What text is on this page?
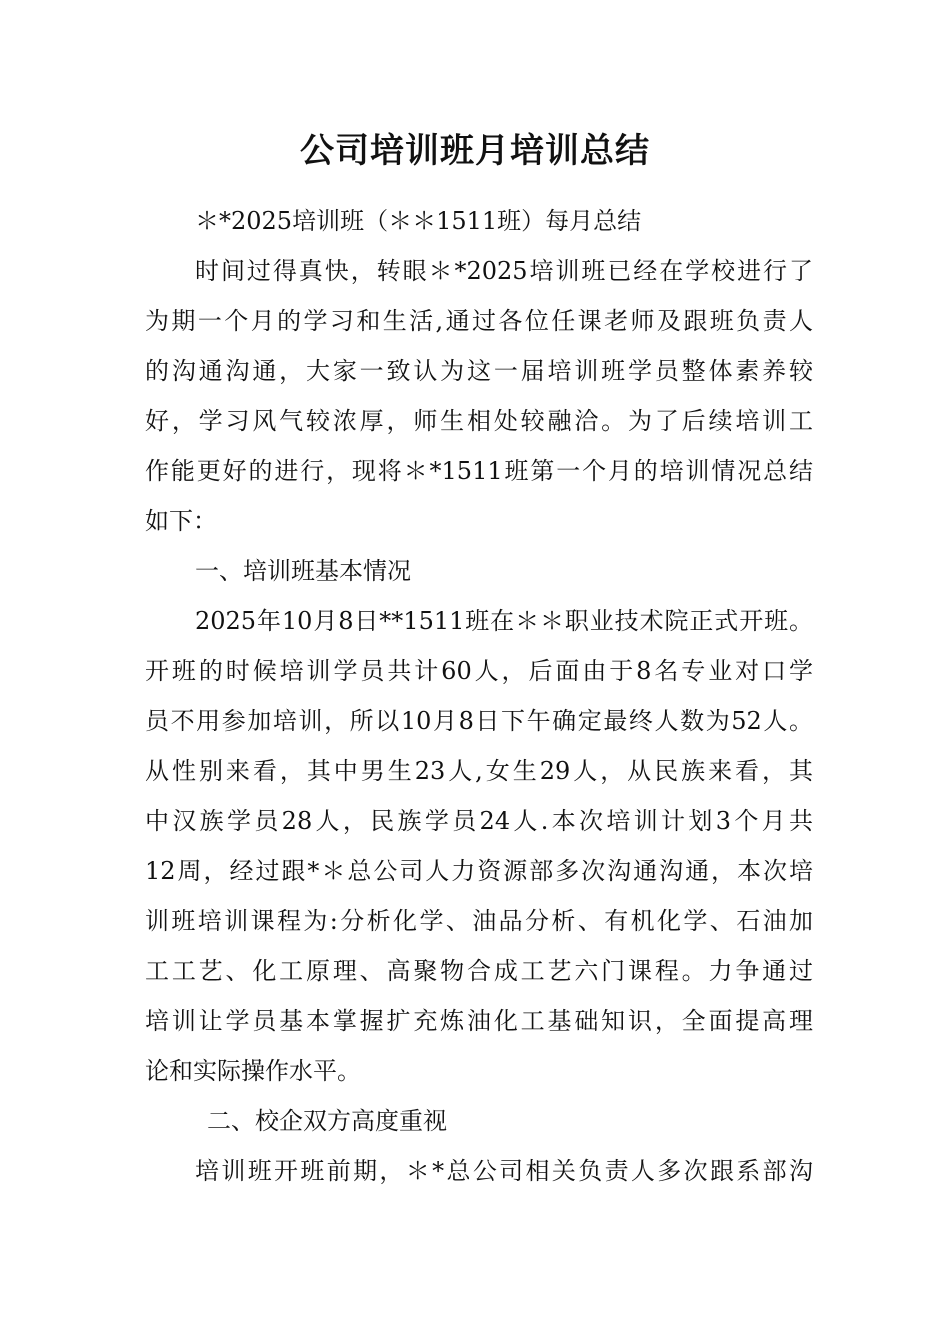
公司培训班月培训总结
＊*2025培训班（＊＊1511班）每月总结
时间过得真快，转眼＊*2025培训班已经在学校进行了
为期一个月的学习和生活,通过各位任课老师及跟班负责人
的沟通沟通，大家一致认为这一届培训班学员整体素养较
好，学习风气较浓厚，师生相处较融洽。为了后续培训工
作能更好的进行，现将＊*1511班第一个月的培训情况总结
如下：
一、培训班基本情况
2025年10月8日**1511班在＊＊职业技术院正式开班。
开班的时候培训学员共计60人，后面由于8名专业对口学
员不用参加培训，所以10月8日下午确定最终人数为52人。
从性别来看，其中男生23人,女生29人，从民族来看，其
中汉族学员28人，民族学员24人.本次培训计划3个月共
12周，经过跟*＊总公司人力资源部多次沟通沟通，本次培
训班培训课程为:分析化学、油品分析、有机化学、石油加
工工艺、化工原理、高聚物合成工艺六门课程。力争通过
培训让学员基本掌握扩充炼油化工基础知识，全面提高理
论和实际操作水平。
二、校企双方高度重视
培训班开班前期，＊*总公司相关负责人多次跟系部沟
